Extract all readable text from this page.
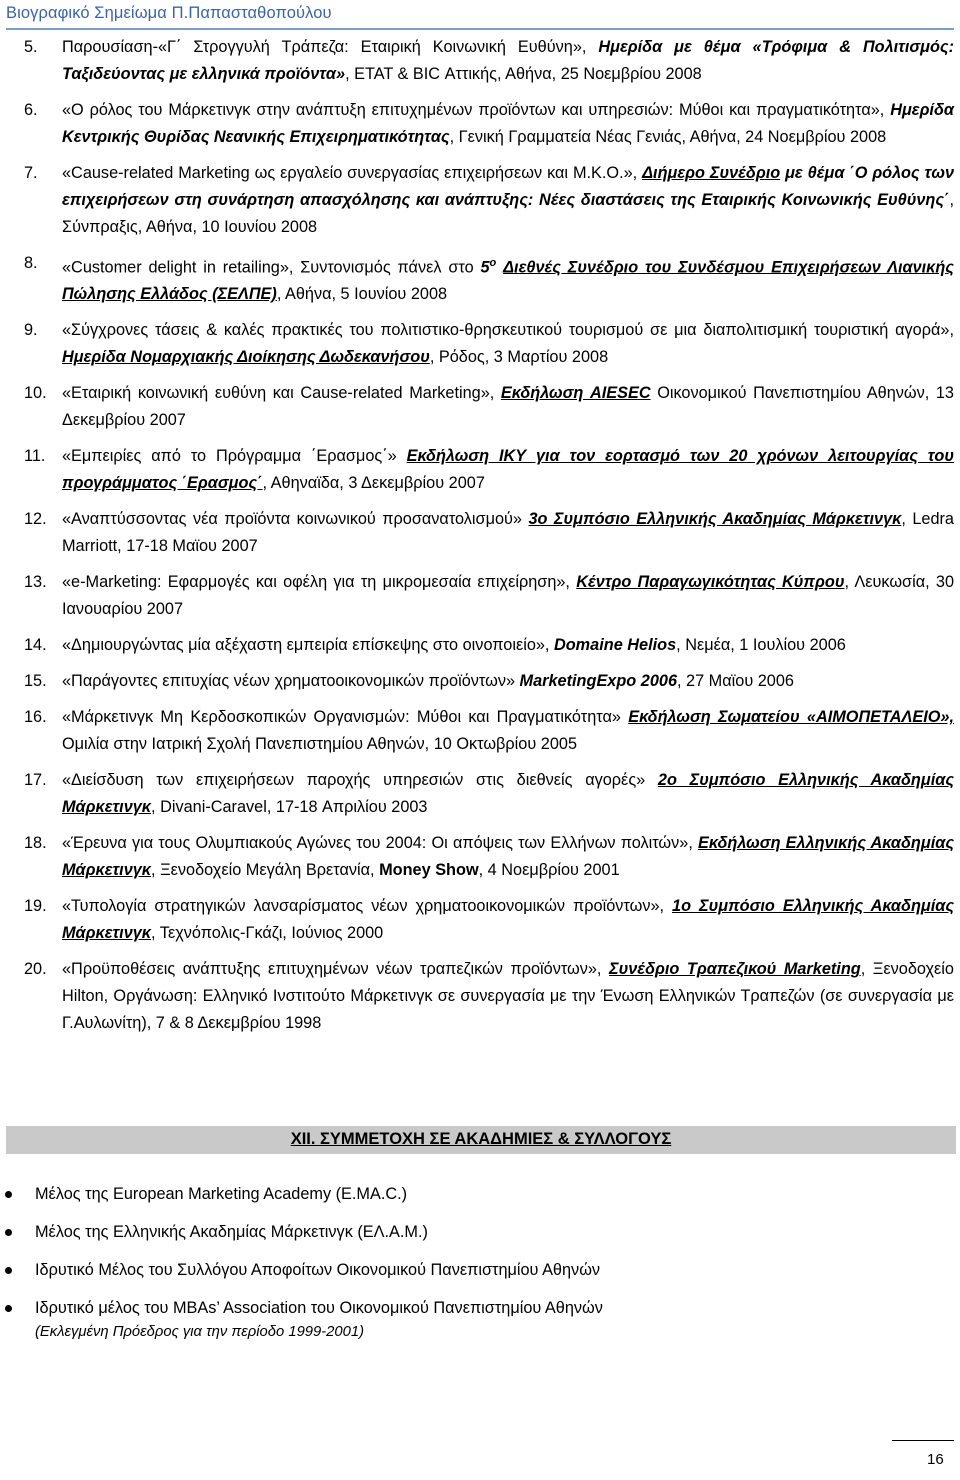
Βιογραφικό Σημείωμα Π.Παπασταθοπούλου
5. Παρουσίαση-«Γ΄ Στρογγυλή Τράπεζα: Εταιρική Κοινωνική Ευθύνη», Ημερίδα με θέμα «Τρόφιμα & Πολιτισμός: Ταξιδεύοντας με ελληνικά προϊόντα», ΕΤΑΤ & BIC Αττικής, Αθήνα, 25 Νοεμβρίου 2008
6. «Ο ρόλος του Μάρκετινγκ στην ανάπτυξη επιτυχημένων προϊόντων και υπηρεσιών: Μύθοι και πραγματικότητα», Ημερίδα Κεντρικής Θυρίδας Νεανικής Επιχειρηματικότητας, Γενική Γραμματεία Νέας Γενιάς, Αθήνα, 24 Νοεμβρίου 2008
7. «Cause-related Marketing ως εργαλείο συνεργασίας επιχειρήσεων και Μ.Κ.Ο.», Διήμερο Συνέδριο με θέμα ΄Ο ρόλος των επιχειρήσεων στη συνάρτηση απασχόλησης και ανάπτυξης: Νέες διαστάσεις της Εταιρικής Κοινωνικής Ευθύνης΄, Σύνπραξις, Αθήνα, 10 Ιουνίου 2008
8. «Customer delight in retailing», Συντονισμός πάνελ στο $5^o$ Διεθνές Συνέδριο του Συνδέσμου Επιχειρήσεων Λιανικής Πώλησης Ελλάδος (ΣΕΛΠΕ), Αθήνα, 5 Ιουνίου 2008
9. «Σύγχρονες τάσεις & καλές πρακτικές του πολιτιστικο-θρησκευτικού τουρισμού σε μια διαπολιτισμική τουριστική αγορά», Ημερίδα Νομαρχιακής Διοίκησης Δωδεκανήσου, Ρόδος, 3 Μαρτίου 2008
10. «Εταιρική κοινωνική ευθύνη και Cause-related Marketing», Εκδήλωση AIESEC Οικονομικού Πανεπιστημίου Αθηνών, 13 Δεκεμβρίου 2007
11. «Εμπειρίες από το Πρόγραμμα ΄Ερασμος΄» Εκδήλωση ΙΚΥ για τον εορτασμό των 20 χρόνων λειτουργίας του προγράμματος ΄Ερασμος΄, Αθηναϊδα, 3 Δεκεμβρίου 2007
12. «Αναπτύσσοντας νέα προϊόντα κοινωνικού προσανατολισμού» 3ο Συμπόσιο Ελληνικής Ακαδημίας Μάρκετινγκ, Ledra Marriott, 17-18 Μαϊου 2007
13. «e-Marketing: Εφαρμογές και οφέλη για τη μικρομεσαία επιχείρηση», Κέντρο Παραγωγικότητας Κύπρου, Λευκωσία, 30 Ιανουαρίου 2007
14. «Δημιουργώντας μία αξέχαστη εμπειρία επίσκεψης στο οινοποιείο», Domaine Helios, Νεμέα, 1 Ιουλίου 2006
15. «Παράγοντες επιτυχίας νέων χρηματοοικονομικών προϊόντων» MarketingExpo 2006, 27 Μαϊου 2006
16. «Μάρκετινγκ Μη Κερδοσκοπικών Οργανισμών: Μύθοι και Πραγματικότητα» Εκδήλωση Σωματείου «ΑΙΜΟΠΕΤΑΛΕΙΟ», Ομιλία στην Ιατρική Σχολή Πανεπιστημίου Αθηνών, 10 Οκτωβρίου 2005
17. «Διείσδυση των επιχειρήσεων παροχής υπηρεσιών στις διεθνείς αγορές» 2ο Συμπόσιο Ελληνικής Ακαδημίας Μάρκετινγκ, Divani-Caravel, 17-18 Απριλίου 2003
18. «Έρευνα για τους Ολυμπιακούς Αγώνες του 2004: Οι απόψεις των Ελλήνων πολιτών», Εκδήλωση Ελληνικής Ακαδημίας Μάρκετινγκ, Ξενοδοχείο Μεγάλη Βρετανία, Money Show, 4 Νοεμβρίου 2001
19. «Τυπολογία στρατηγικών λανσαρίσματος νέων χρηματοοικονομικών προϊόντων», 1ο Συμπόσιο Ελληνικής Ακαδημίας Μάρκετινγκ, Τεχνόπολις-Γκάζι, Ιούνιος 2000
20. «Προϋποθέσεις ανάπτυξης επιτυχημένων νέων τραπεζικών προϊόντων», Συνέδριο Τραπεζικού Marketing, Ξενοδοχείο Hilton, Οργάνωση: Ελληνικό Ινστιτούτο Μάρκετινγκ σε συνεργασία με την Ένωση Ελληνικών Τραπεζών (σε συνεργασία με Γ.Αυλωνίτη), 7 & 8 Δεκεμβρίου 1998
XII. ΣΥΜΜΕΤΟΧΗ ΣΕ ΑΚΑΔΗΜΙΕΣ & ΣΥΛΛΟΓΟΥΣ
Μέλος της European Marketing Academy (Ε.ΜΑ.C.)
Μέλος της Ελληνικής Ακαδημίας Μάρκετινγκ (ΕΛ.Α.Μ.)
Ιδρυτικό Μέλος του Συλλόγου Αποφοίτων Οικονομικού Πανεπιστημίου Αθηνών
Ιδρυτικό μέλος του MBAs’ Association του Οικονομικού Πανεπιστημίου Αθηνών
(Εκλεγμένη Πρόεδρος για την περίοδο 1999-2001)
16
